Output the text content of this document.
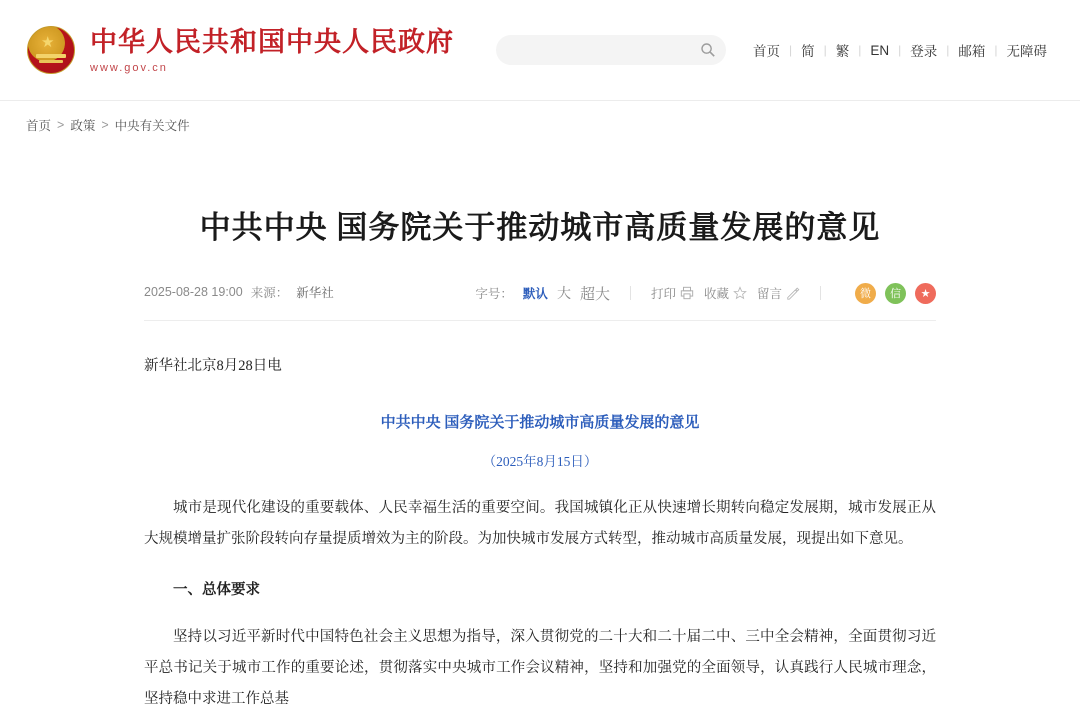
★ 中华人民共和国中央人民政府
www.gov.cn
首页 | 简 | 繁 | EN | 登录 | 邮箱 | 无障碍
首页 > 政策 > 中央有关文件
中共中央 国务院关于推动城市高质量发展的意见
2025-08-28 19:00 来源： 新华社	字号： 默认 大 超大	打印 收藏 留言	微	信	★
新华社北京8月28日电
中共中央 国务院关于推动城市高质量发展的意见
（2025年8月15日）

城市是现代化建设的重要载体、人民幸福生活的重要空间。我国城镇化正从快速增长期转向稳定发展期，城市发展正从大规模增量扩张阶段转向存量提质增效为主的阶段。为加快城市发展方式转型，推动城市高质量发展，现提出如下意见。

一、总体要求

坚持以习近平新时代中国特色社会主义思想为指导，深入贯彻党的二十大和二十届二中、三中全会精神，全面贯彻习近平总书记关于城市工作的重要论述，贯彻落实中央城市工作会议精神，坚持和加强党的全面领导，认真践行人民城市理念，坚持稳中求进工作总基
